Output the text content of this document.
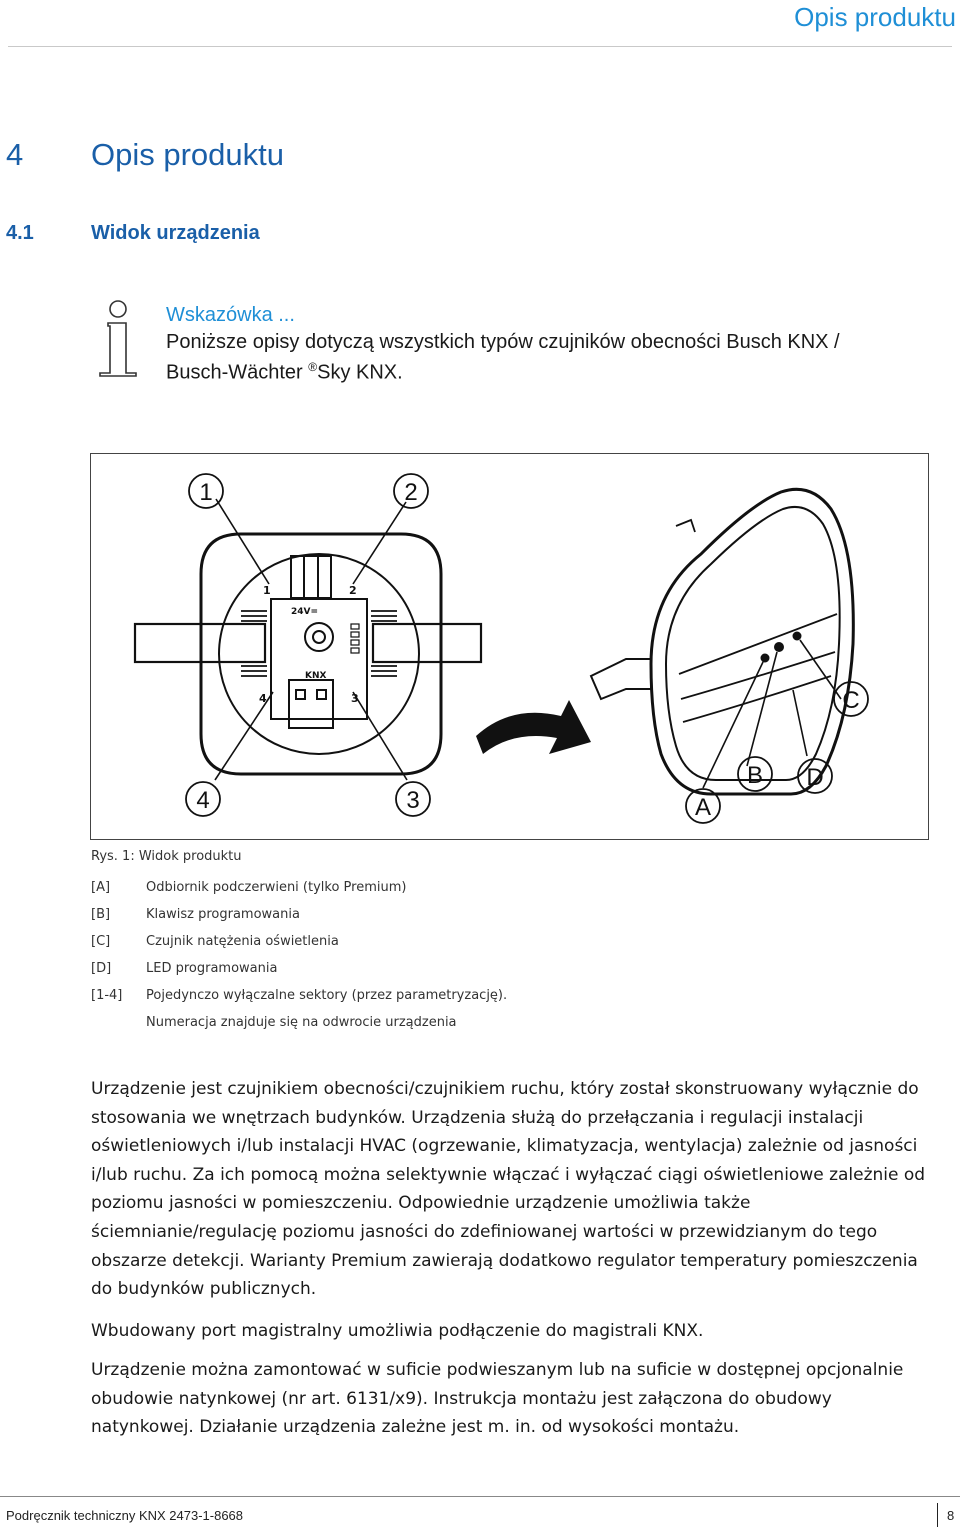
Opis produktu
4 Opis produktu
4.1	Widok urządzenia
Wskazówka ...
Poniższe opisy dotyczą wszystkich typów czujników obecności Busch KNX / Busch-Wächter ®Sky KNX.
1	2
4	3
24V=
KNX
1	2
4	3	A
B
C
D
Rys. 1: Widok produktu
[A]	Odbiornik podczerwieni (tylko Premium)
[B]	Klawisz programowania
[C]	Czujnik natężenia oświetlenia
[D]	LED programowania
[1-4]	Pojedynczo wyłączalne sektory (przez parametryzację).
Numeracja znajduje się na odwrocie urządzenia
Urządzenie jest czujnikiem obecności/czujnikiem ruchu, który został skonstruowany wyłącznie do stosowania we wnętrzach budynków. Urządzenia służą do przełączania i regulacji instalacji oświetleniowych i/lub instalacji HVAC (ogrzewanie, klimatyzacja, wentylacja) zależnie od jasności i/lub ruchu. Za ich pomocą można selektywnie włączać i wyłączać ciągi oświetleniowe zależnie od poziomu jasności w pomieszczeniu. Odpowiednie urządzenie umożliwia także ściemnianie/regulację poziomu jasności do zdefiniowanej wartości w przewidzianym do tego obszarze detekcji. Warianty Premium zawierają dodatkowo regulator temperatury pomieszczenia do budynków publicznych.
Wbudowany port magistralny umożliwia podłączenie do magistrali KNX.
Urządzenie można zamontować w suficie podwieszanym lub na suficie w dostępnej opcjonalnie obudowie natynkowej (nr art. 6131/x9). Instrukcja montażu jest załączona do obudowy natynkowej. Działanie urządzenia zależne jest m. in. od wysokości montażu.
Podręcznik techniczny KNX 2473-1-8668	8
